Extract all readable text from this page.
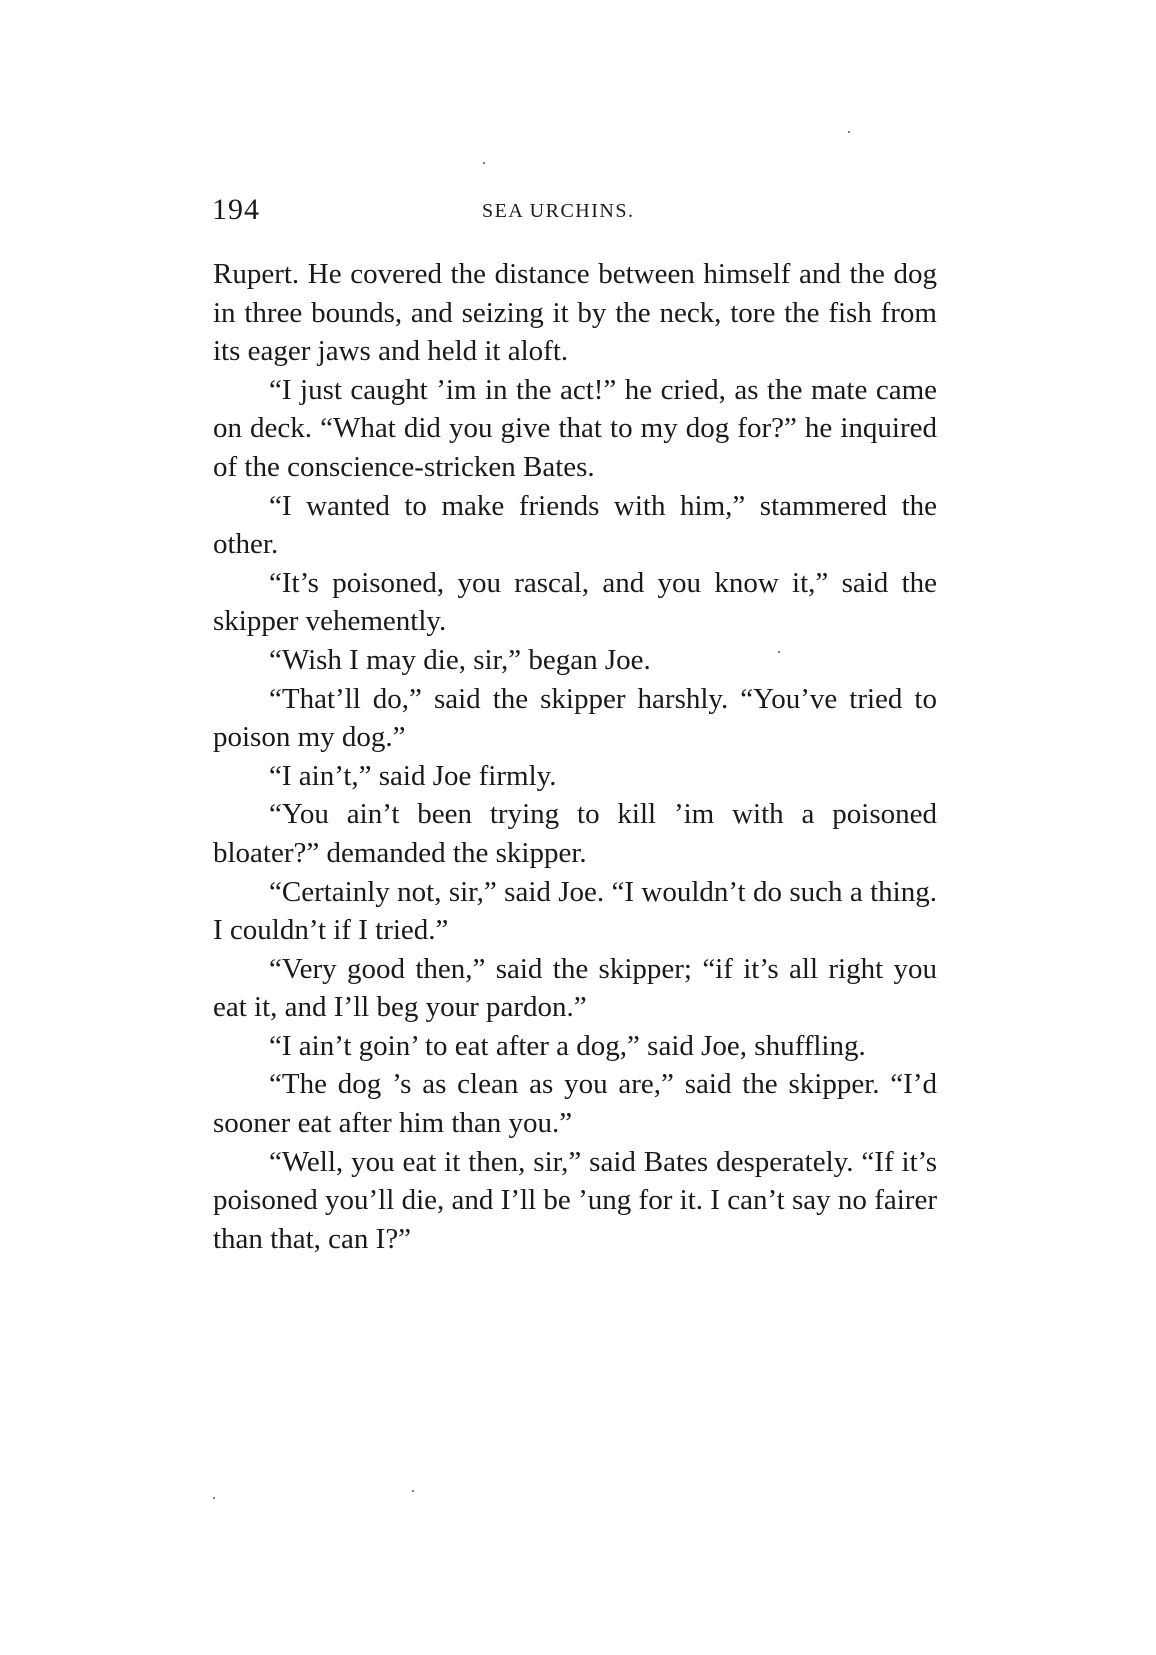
194	SEA URCHINS.

Rupert. He covered the distance between himself and the dog in three bounds, and seizing it by the neck, tore the fish from its eager jaws and held it aloft.

“I just caught ’im in the act!” he cried, as the mate came on deck. “What did you give that to my dog for?” he inquired of the conscience-stricken Bates.

“I wanted to make friends with him,” stammered the other.

“It’s poisoned, you rascal, and you know it,” said the skipper vehemently.

“Wish I may die, sir,” began Joe.

“That’ll do,” said the skipper harshly. “You’ve tried to poison my dog.”

“I ain’t,” said Joe firmly.

“You ain’t been trying to kill ’im with a poisoned bloater?” demanded the skipper.

“Certainly not, sir,” said Joe. “I wouldn’t do such a thing. I couldn’t if I tried.”

“Very good then,” said the skipper; “if it’s all right you eat it, and I’ll beg your pardon.”

“I ain’t goin’ to eat after a dog,” said Joe, shuffling.

“The dog ’s as clean as you are,” said the skipper. “I’d sooner eat after him than you.”

“Well, you eat it then, sir,” said Bates desperately. “If it’s poisoned you’ll die, and I’ll be ’ung for it. I can’t say no fairer than that, can I?”
